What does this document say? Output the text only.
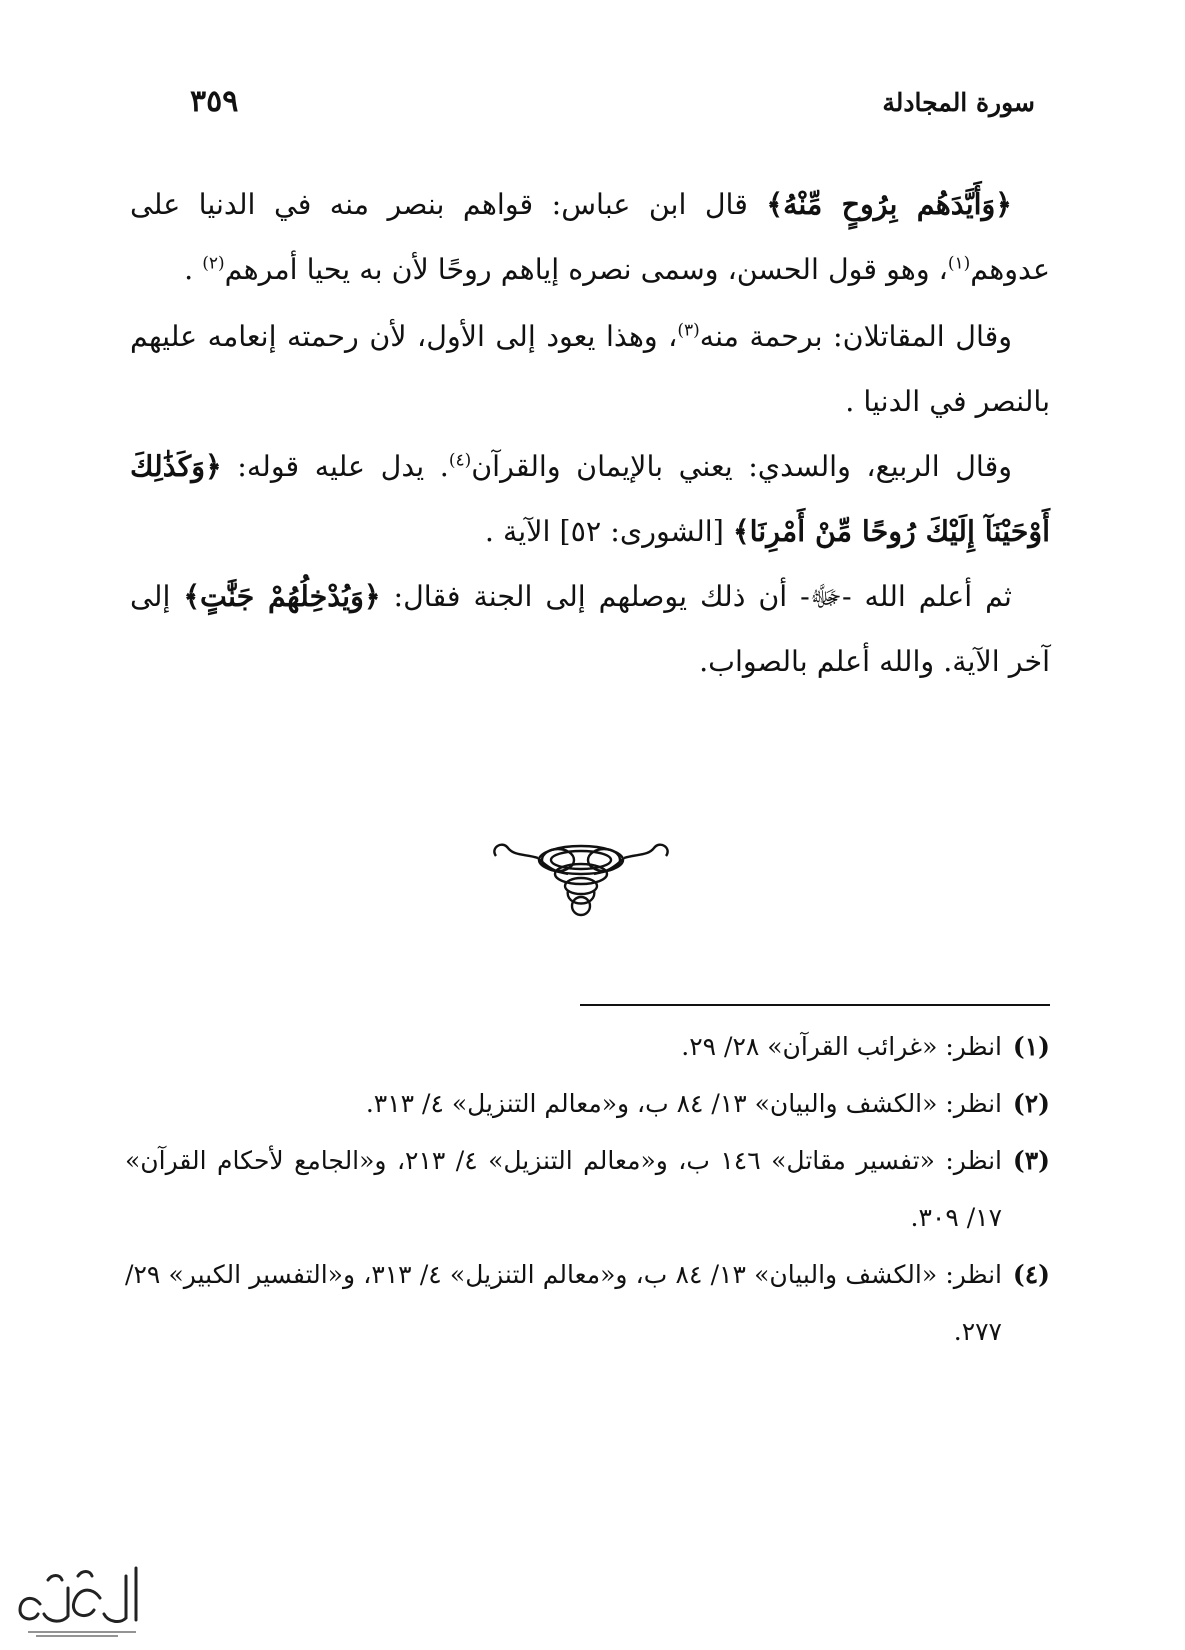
سورة المجادلة
٣٥٩

﴿وَأَيَّدَهُم بِرُوحٍ مِّنْهُ﴾ قال ابن عباس: قواهم بنصر منه في الدنيا على عدوهم$^{(١)}$، وهو قول الحسن، وسمى نصره إياهم روحًا لأن به يحيا أمرهم$^{(٢)}$ .

وقال المقاتلان: برحمة منه$^{(٣)}$، وهذا يعود إلى الأول، لأن رحمته إنعامه عليهم بالنصر في الدنيا .

وقال الربيع، والسدي: يعني بالإيمان والقرآن$^{(٤)}$. يدل عليه قوله: ﴿وَكَذَٰلِكَ أَوْحَيْنَآ إِلَيْكَ رُوحًا مِّنْ أَمْرِنَا﴾ [الشورى: ٥٢] الآية .

ثم أعلم الله -ﷻ- أن ذلك يوصلهم إلى الجنة فقال: ﴿وَيُدْخِلُهُمْ جَنَّٰتٍ﴾ إلى آخر الآية. والله أعلم بالصواب.

(١)
انظر: «غرائب القرآن» ٢٨/ ٢٩.
(٢)
انظر: «الكشف والبيان» ١٣/ ٨٤ ب، و«معالم التنزيل» ٤/ ٣١٣.
(٣)
انظر: «تفسير مقاتل» ١٤٦ ب، و«معالم التنزيل» ٤/ ٢١٣، و«الجامع لأحكام القرآن» ١٧/ ٣٠٩.
(٤)
انظر: «الكشف والبيان» ١٣/ ٨٤ ب، و«معالم التنزيل» ٤/ ٣١٣، و«التفسير الكبير» ٢٩/ ٢٧٧.
